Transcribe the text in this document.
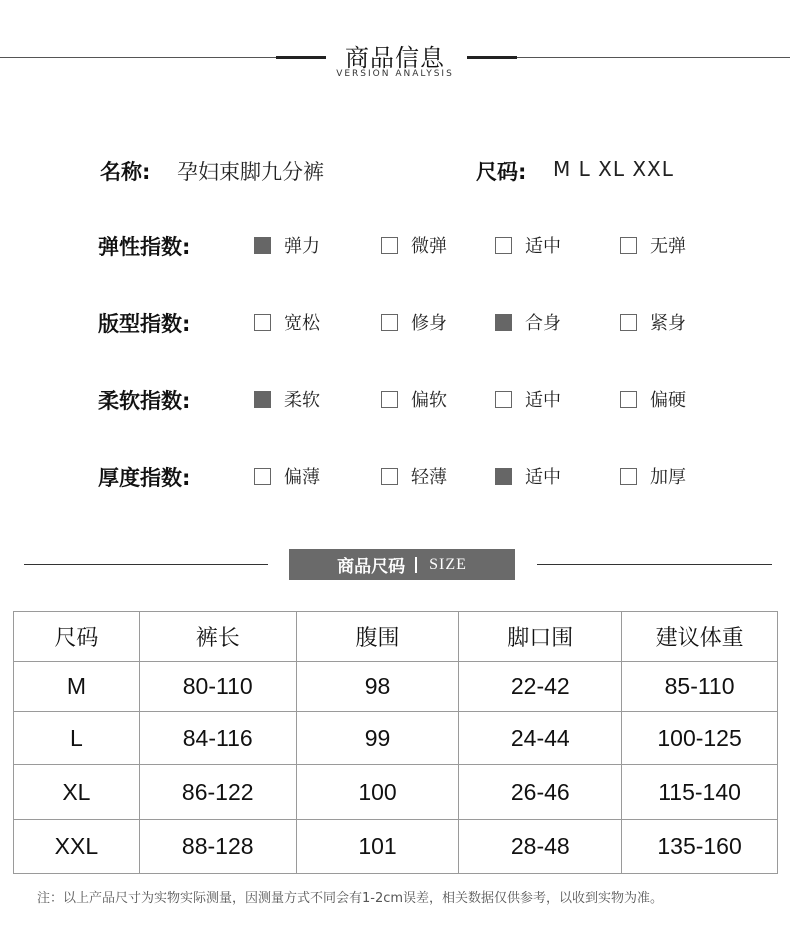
商品信息
VERSION ANALYSIS
名称: 孕妇束脚九分裤	尺码: M L XL XXL
弹性指数:	弹力	微弹	适中	无弹
版型指数:	宽松	修身	合身	紧身
柔软指数:	柔软	偏软	适中	偏硬
厚度指数:	偏薄	轻薄	适中	加厚
商品尺码 SIZE
尺码	裤长	腹围	脚口围	建议体重
M	80-110	98	22-42	85-110
L	84-116	99	24-44	100-125
XL	86-122	100	26-46	115-140
XXL	88-128	101	28-48	135-160
注：以上产品尺寸为实物实际测量，因测量方式不同会有1-2cm误差，相关数据仅供参考，以收到实物为准。
